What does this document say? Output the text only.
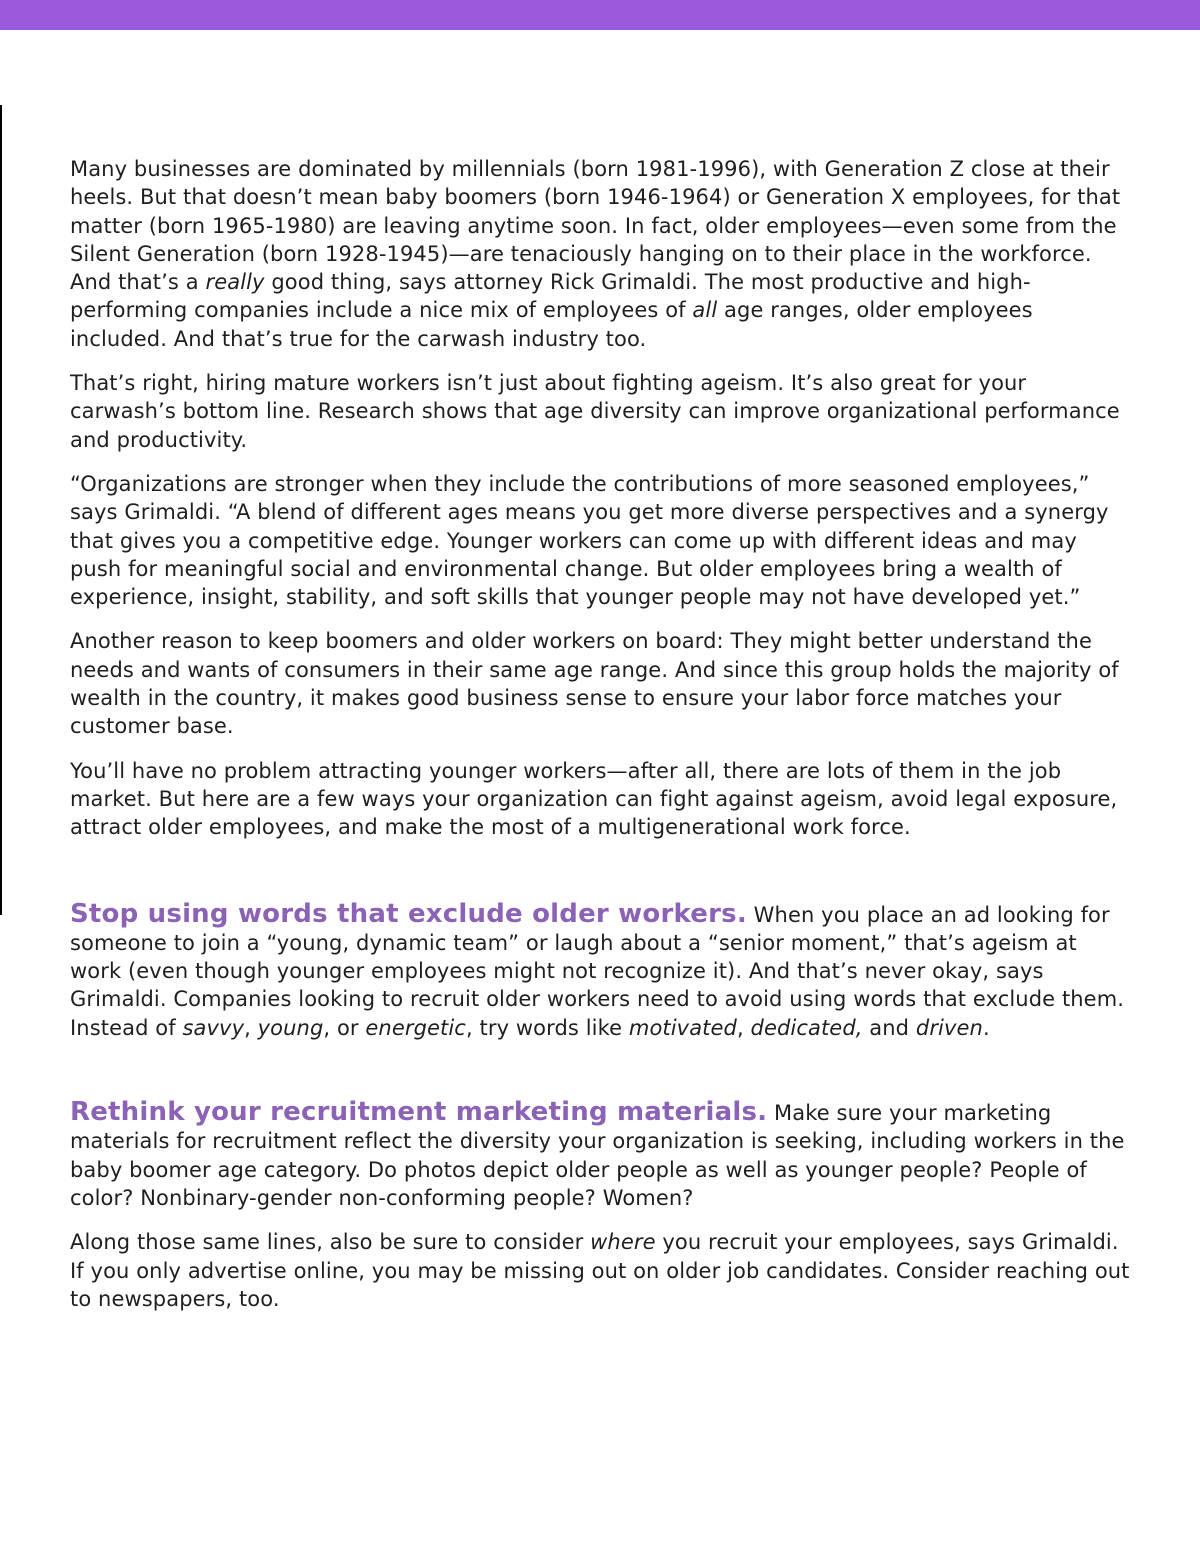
Many businesses are dominated by millennials (born 1981-1996), with Generation Z close at their heels. But that doesn’t mean baby boomers (born 1946-1964) or Generation X employees, for that matter (born 1965-1980) are leaving anytime soon. In fact, older employees—even some from the Silent Generation (born 1928-1945)—are tenaciously hanging on to their place in the workforce. And that’s a really good thing, says attorney Rick Grimaldi. The most productive and high-performing companies include a nice mix of employees of all age ranges, older employees included. And that’s true for the carwash industry too.

That’s right, hiring mature workers isn’t just about fighting ageism. It’s also great for your carwash’s bottom line. Research shows that age diversity can improve organizational performance and productivity.

“Organizations are stronger when they include the contributions of more seasoned employees,” says Grimaldi. “A blend of different ages means you get more diverse perspectives and a synergy that gives you a competitive edge. Younger workers can come up with different ideas and may push for meaningful social and environmental change. But older employees bring a wealth of experience, insight, stability, and soft skills that younger people may not have developed yet.”

Another reason to keep boomers and older workers on board: They might better understand the needs and wants of consumers in their same age range. And since this group holds the majority of wealth in the country, it makes good business sense to ensure your labor force matches your customer base.

You’ll have no problem attracting younger workers—after all, there are lots of them in the job market. But here are a few ways your organization can fight against ageism, avoid legal exposure, attract older employees, and make the most of a multigenerational work force.

Stop using words that exclude older workers. When you place an ad looking for someone to join a “young, dynamic team” or laugh about a “senior moment,” that’s ageism at work (even though younger employees might not recognize it). And that’s never okay, says Grimaldi. Companies looking to recruit older workers need to avoid using words that exclude them. Instead of savvy, young, or energetic, try words like motivated, dedicated, and driven.

Rethink your recruitment marketing materials. Make sure your marketing materials for recruitment reflect the diversity your organization is seeking, including workers in the baby boomer age category. Do photos depict older people as well as younger people? People of color? Nonbinary-gender non-conforming people? Women?

Along those same lines, also be sure to consider where you recruit your employees, says Grimaldi. If you only advertise online, you may be missing out on older job candidates. Consider reaching out to newspapers, too.
